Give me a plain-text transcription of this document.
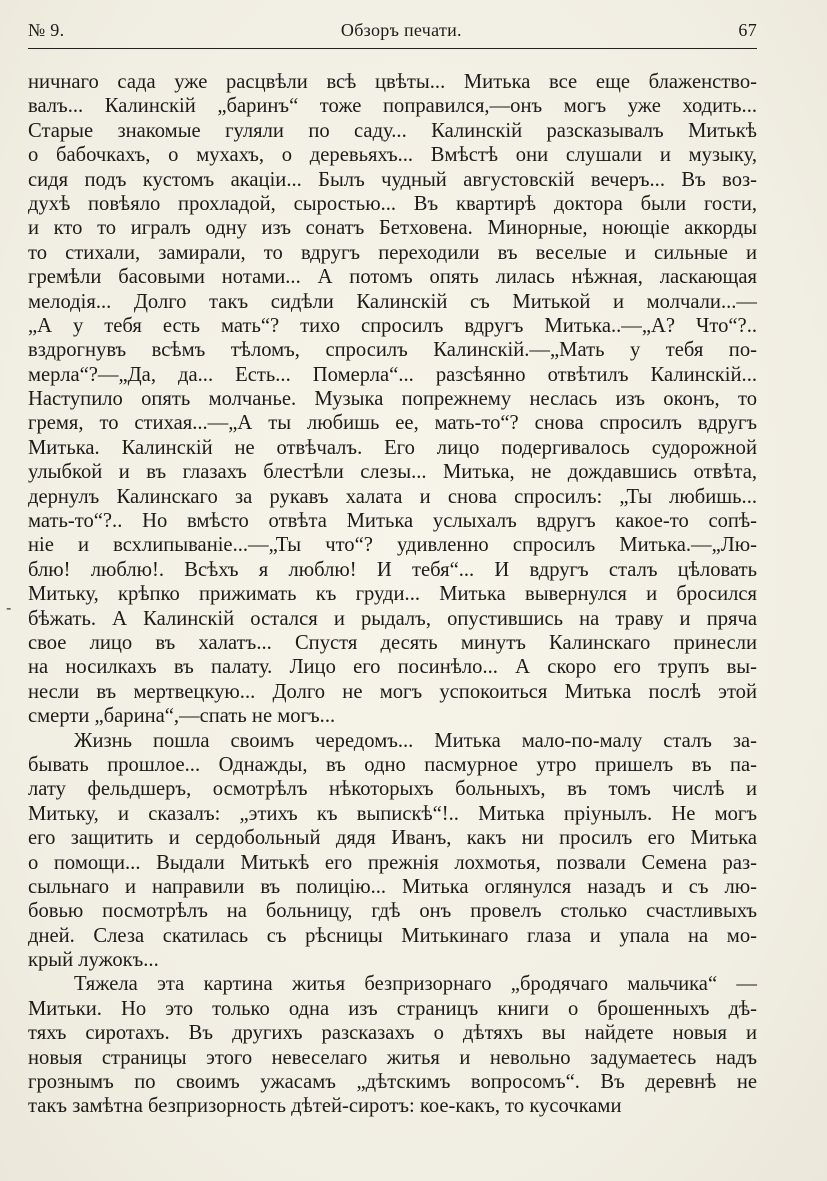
№ 9.	Обзоръ печати.	67
-
ничнаго сада уже расцвѣли всѣ цвѣты... Митька все еще блаженство-
валъ... Калинскій „баринъ“ тоже поправился,—онъ могъ уже ходить...
Старые знакомые гуляли по саду... Калинскій разсказывалъ Митькѣ
о бабочкахъ, о мухахъ, о деревьяхъ... Вмѣстѣ они слушали и музыку,
сидя подъ кустомъ акаціи... Былъ чудный августовскій вечеръ... Въ воз-
духѣ повѣяло прохладой, сыростью... Въ квартирѣ доктора были гости,
и кто то игралъ одну изъ сонатъ Бетховена. Минорные, ноющіе аккорды
то стихали, замирали, то вдругъ переходили въ веселые и сильные и
гремѣли басовыми нотами... А потомъ опять лилась нѣжная, ласкающая
мелодія... Долго такъ сидѣли Калинскій съ Митькой и молчали...—
„А у тебя есть мать“? тихо спросилъ вдругъ Митька..—„А? Что“?..
вздрогнувъ всѣмъ тѣломъ, спросилъ Калинскій.—„Мать у тебя по-
мерла“?—„Да, да... Есть... Померла“... разсѣянно отвѣтилъ Калинскій...
Наступило опять молчанье. Музыка попрежнему неслась изъ оконъ, то
гремя, то стихая...—„А ты любишь ее, мать-то“? снова спросилъ вдругъ
Митька. Калинскій не отвѣчалъ. Его лицо подергивалось судорожной
улыбкой и въ глазахъ блестѣли слезы... Митька, не дождавшись отвѣта,
дернулъ Калинскаго за рукавъ халата и снова спросилъ: „Ты любишь...
мать-то“?.. Но вмѣсто отвѣта Митька услыхалъ вдругъ какое-то сопѣ-
ніе и всхлипываніе...—„Ты что“? удивленно спросилъ Митька.—„Лю-
блю! люблю!. Всѣхъ я люблю! И тебя“... И вдругъ сталъ цѣловать
Митьку, крѣпко прижимать къ груди... Митька вывернулся и бросился
бѣжать. А Калинскій остался и рыдалъ, опустившись на траву и пряча
свое лицо въ халатъ... Спустя десять минутъ Калинскаго принесли
на носилкахъ въ палату. Лицо его посинѣло... А скоро его трупъ вы-
несли въ мертвецкую... Долго не могъ успокоиться Митька послѣ этой
смерти „барина“,—спать не могъ...
Жизнь пошла своимъ чередомъ... Митька мало-по-малу сталъ за-
бывать прошлое... Однажды, въ одно пасмурное утро пришелъ въ па-
лату фельдшеръ, осмотрѣлъ нѣкоторыхъ больныхъ, въ томъ числѣ и
Митьку, и сказалъ: „этихъ къ выпискѣ“!.. Митька пріунылъ. Не могъ
его защитить и сердобольный дядя Иванъ, какъ ни просилъ его Митька
о помощи... Выдали Митькѣ его прежнія лохмотья, позвали Семена раз-
сыльнаго и направили въ полицію... Митька оглянулся назадъ и съ лю-
бовью посмотрѣлъ на больницу, гдѣ онъ провелъ столько счастливыхъ
дней. Слеза скатилась съ рѣсницы Митькинаго глаза и упала на мо-
крый лужокъ...
Тяжела эта картина житья безпризорнаго „бродячаго мальчика“ —
Митьки. Но это только одна изъ страницъ книги о брошенныхъ дѣ-
тяхъ сиротахъ. Въ другихъ разсказахъ о дѣтяхъ вы найдете новыя и
новыя страницы этого невеселаго житья и невольно задумаетесь надъ
грознымъ по своимъ ужасамъ „дѣтскимъ вопросомъ“. Въ деревнѣ не
такъ замѣтна безпризорность дѣтей-сиротъ: кое-какъ, то кусочками
